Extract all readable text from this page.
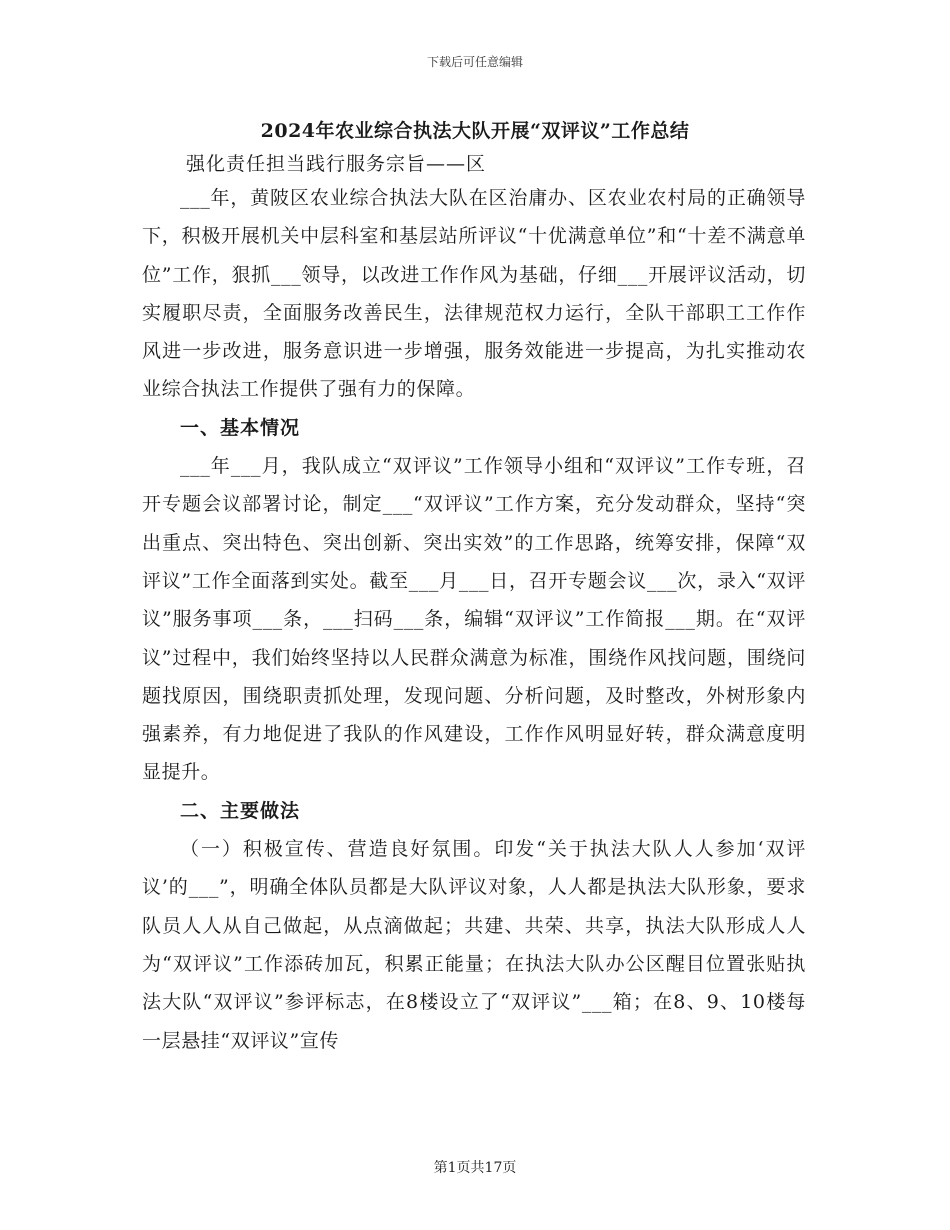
下载后可任意编辑
2024年农业综合执法大队开展“双评议”工作总结
强化责任担当践行服务宗旨——区

___年，黄陂区农业综合执法大队在区治庸办、区农业农村局的正确领导下，积极开展机关中层科室和基层站所评议“十优满意单位”和“十差不满意单位”工作，狠抓___领导，以改进工作作风为基础，仔细___开展评议活动，切实履职尽责，全面服务改善民生，法律规范权力运行，全队干部职工工作作风进一步改进，服务意识进一步增强，服务效能进一步提高，为扎实推动农业综合执法工作提供了强有力的保障。

一、基本情况

___年___月，我队成立“双评议”工作领导小组和“双评议”工作专班，召开专题会议部署讨论，制定___“双评议”工作方案，充分发动群众，坚持“突出重点、突出特色、突出创新、突出实效”的工作思路，统筹安排，保障“双评议”工作全面落到实处。截至___月___日，召开专题会议___次，录入“双评议”服务事项___条，___扫码___条，编辑“双评议”工作简报___期。在“双评议”过程中，我们始终坚持以人民群众满意为标准，围绕作风找问题，围绕问题找原因，围绕职责抓处理，发现问题、分析问题，及时整改，外树形象内强素养，有力地促进了我队的作风建设，工作作风明显好转，群众满意度明显提升。

二、主要做法

（一）积极宣传、营造良好氛围。印发“关于执法大队人人参加‘双评议’的___”，明确全体队员都是大队评议对象，人人都是执法大队形象，要求队员人人从自己做起，从点滴做起；共建、共荣、共享，执法大队形成人人为“双评议”工作添砖加瓦，积累正能量；在执法大队办公区醒目位置张贴执法大队“双评议”参评标志，在8楼设立了“双评议”___箱；在8、9、10楼每一层悬挂“双评议”宣传

第1页共17页
